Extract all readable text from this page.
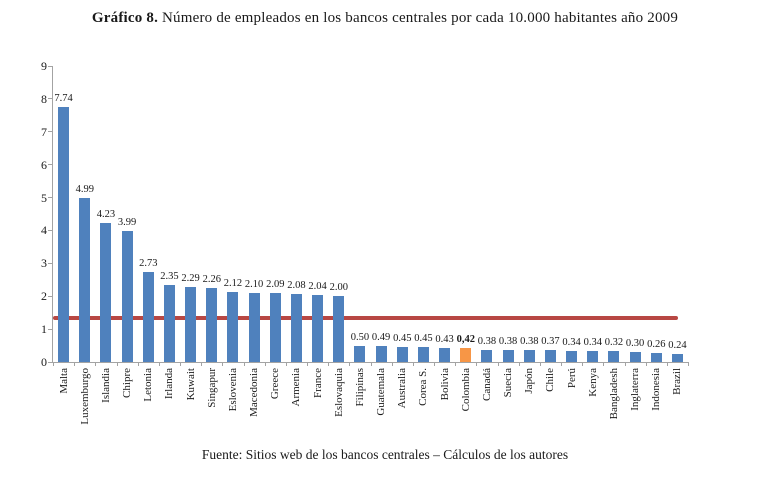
Gráfico 8. Número de empleados en los bancos centrales por cada 10.000 habitantes año 2009
0
1
2
3
4
5
6
7
8
9
7.74
Malta
4.99
Luxemburgo
4.23
Islandia
3.99
Chipre
2.73
Letonia
2.35
Irlanda
2.29
Kuwait
2.26
Singapur
2.12
Eslovenia
2.10
Macedonia
2.09
Greece
2.08
Armenia
2.04
France
2.00
Eslovaquia
0.50
Filipinas
0.49
Guatemala
0.45
Australia
0.45
Corea S.
0.43
Bolivia
0,42
Colombia
0.38
Canadá
0.38
Suecia
0.38
Japón
0.37
Chile
0.34
Perú
0.34
Kenya
0.32
Bangladesh
0.30
Inglaterra
0.26
Indonesia
0.24
Brazil
Fuente: Sitios web de los bancos centrales – Cálculos de los autores
